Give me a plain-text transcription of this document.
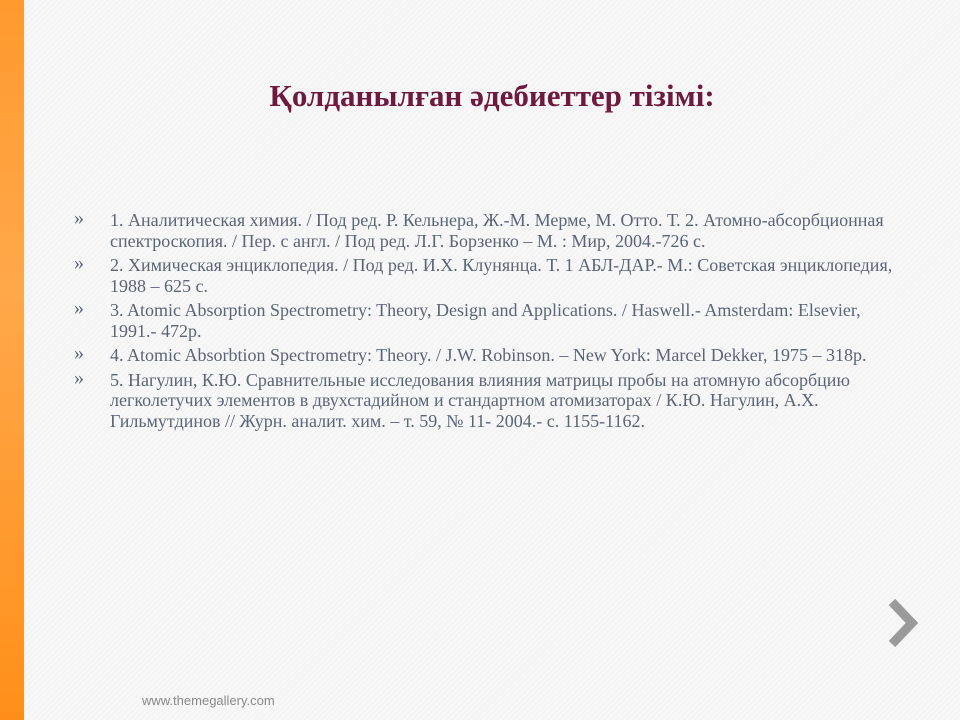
Қолданылған әдебиеттер тізімі:
» 1. Аналитическая химия. / Под ред. Р. Кельнера, Ж.-М. Мерме, М. Отто. Т. 2. Атомно-абсорбционная спектроскопия. / Пер. с англ. / Под ред. Л.Г. Борзенко – М. : Мир, 2004.-726 с.
» 2. Химическая энциклопедия. / Под ред. И.Х. Клунянца. Т. 1 АБЛ-ДАР.- М.: Советская энциклопедия, 1988 – 625 с.
» 3. Atomic Absorption Spectrometry: Theory, Design and Applications. / Haswell.- Amsterdam: Elsevier, 1991.- 472p.
» 4. Atomic Absorbtion Spectrometry: Theory. / J.W. Robinson. – New York: Marcel Dekker, 1975 – 318p.
» 5. Нагулин, К.Ю. Сравнительные исследования влияния матрицы пробы на атомную абсорбцию легколетучих элементов в двухстадийном и стандартном атомизаторах / К.Ю. Нагулин, А.Х. Гильмутдинов // Журн. аналит. хим. – т. 59, № 11- 2004.- с. 1155-1162.
www.themegallery.com
